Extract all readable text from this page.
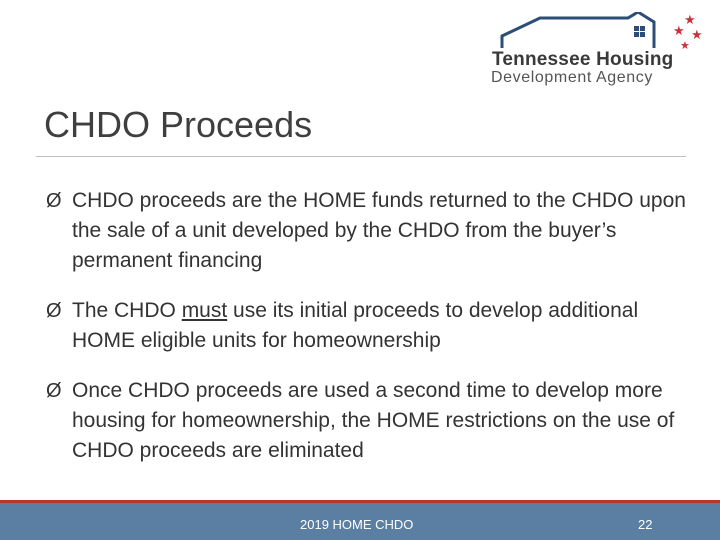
★
★ ★
★
Tennessee Housing
Development Agency
CHDO Proceeds
Ø CHDO proceeds are the HOME funds returned to the CHDO upon the sale of a unit developed by the CHDO from the buyer’s permanent financing
Ø The CHDO must use its initial proceeds to develop additional HOME eligible units for homeownership
Ø Once CHDO proceeds are used a second time to develop more housing for homeownership, the HOME restrictions on the use of CHDO proceeds are eliminated
2019 HOME CHDO	22
